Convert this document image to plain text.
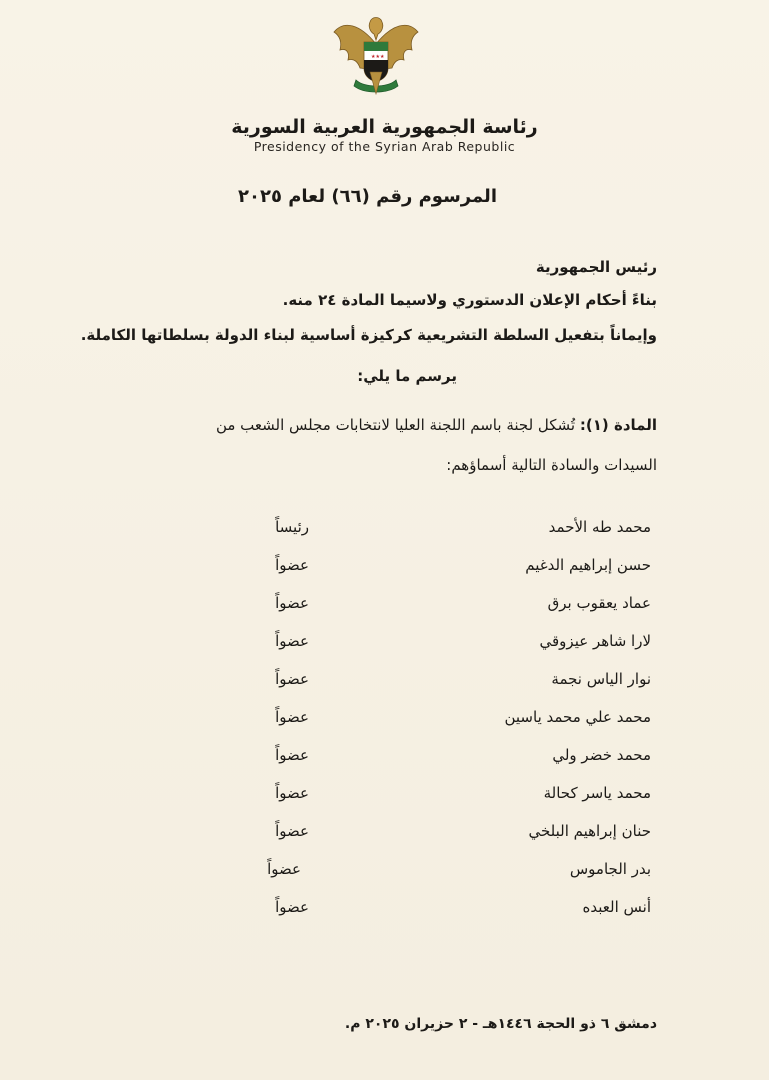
★★★
رئاسة الجمهورية العربية السورية
Presidency of the Syrian Arab Republic
المرسوم رقم (٦٦) لعام ٢٠٢٥
رئيس الجمهورية
بناءً أحكام الإعلان الدستوري ولاسيما المادة ٢٤ منه.
وإيماناً بتفعيل السلطة التشريعية كركيزة أساسية لبناء الدولة بسلطاتها الكاملة.
يرسم ما يلي:
المادة (١): تُشكل لجنة باسم اللجنة العليا لانتخابات مجلس الشعب من
السيدات والسادة التالية أسماؤهم:
محمد طه الأحمد
رئيساً
حسن إبراهيم الدغيم
عضواً
عماد يعقوب برق
عضواً
لارا شاهر عيزوقي
عضواً
نوار الياس نجمة
عضواً
محمد علي محمد ياسين
عضواً
محمد خضر ولي
عضواً
محمد ياسر كحالة
عضواً
حنان إبراهيم البلخي
عضواً
بدر الجاموس
عضواً
أنس العبده
عضواً
دمشق ٦ ذو الحجة ١٤٤٦هـ - ٢ حزيران ٢٠٢٥ م.
